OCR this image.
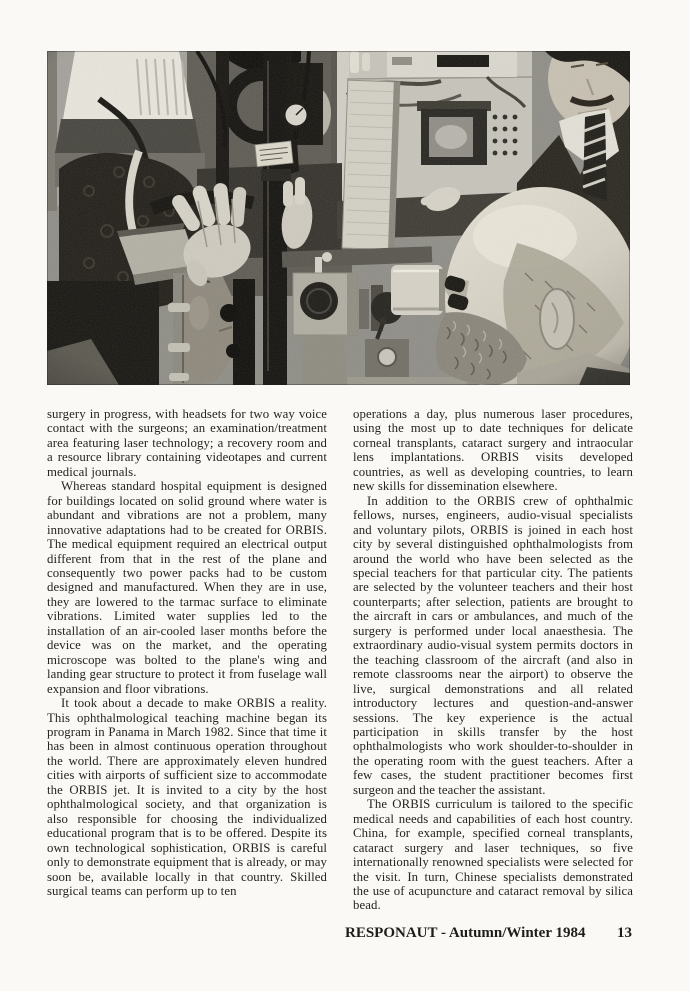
surgery in progress, with headsets for two way voice contact with the surgeons; an examination/treatment area featuring laser technology; a recovery room and a resource library containing videotapes and current medical journals.

Whereas standard hospital equipment is designed for buildings located on solid ground where water is abundant and vibrations are not a problem, many innovative adaptations had to be created for ORBIS. The medical equipment required an electrical output different from that in the rest of the plane and consequently two power packs had to be custom designed and manufactured. When they are in use, they are lowered to the tarmac surface to eliminate vibrations. Limited water supplies led to the installation of an air-cooled laser months before the device was on the market, and the operating microscope was bolted to the plane's wing and landing gear structure to protect it from fuselage wall expansion and floor vibrations.

It took about a decade to make ORBIS a reality. This ophthalmological teaching machine began its program in Panama in March 1982. Since that time it has been in almost continuous operation throughout the world. There are approximately eleven hundred cities with airports of sufficient size to accommodate the ORBIS jet. It is invited to a city by the host ophthalmological society, and that organization is also responsible for choosing the individualized educational program that is to be offered. Despite its own technological sophistication, ORBIS is careful only to demonstrate equipment that is already, or may soon be, available locally in that country. Skilled surgical teams can perform up to ten

operations a day, plus numerous laser procedures, using the most up to date techniques for delicate corneal transplants, cataract surgery and intraocular lens implantations. ORBIS visits developed countries, as well as developing countries, to learn new skills for dissemination elsewhere.

In addition to the ORBIS crew of ophthalmic fellows, nurses, engineers, audio-visual specialists and voluntary pilots, ORBIS is joined in each host city by several distinguished ophthalmologists from around the world who have been selected as the special teachers for that particular city. The patients are selected by the volunteer teachers and their host counterparts; after selection, patients are brought to the aircraft in cars or ambulances, and much of the surgery is performed under local anaesthesia. The extraordinary audio-visual system permits doctors in the teaching classroom of the aircraft (and also in remote classrooms near the airport) to observe the live, surgical demonstrations and all related introductory lectures and question-and-answer sessions. The key experience is the actual participation in skills transfer by the host ophthalmologists who work shoulder-to-shoulder in the operating room with the guest teachers. After a few cases, the student practitioner becomes first surgeon and the teacher the assistant.

The ORBIS curriculum is tailored to the specific medical needs and capabilities of each host country. China, for example, specified corneal transplants, cataract surgery and laser techniques, so five internationally renowned specialists were selected for the visit. In turn, Chinese specialists demonstrated the use of acupuncture and cataract removal by silica bead.

RESPONAUT - Autumn/Winter 1984 13
